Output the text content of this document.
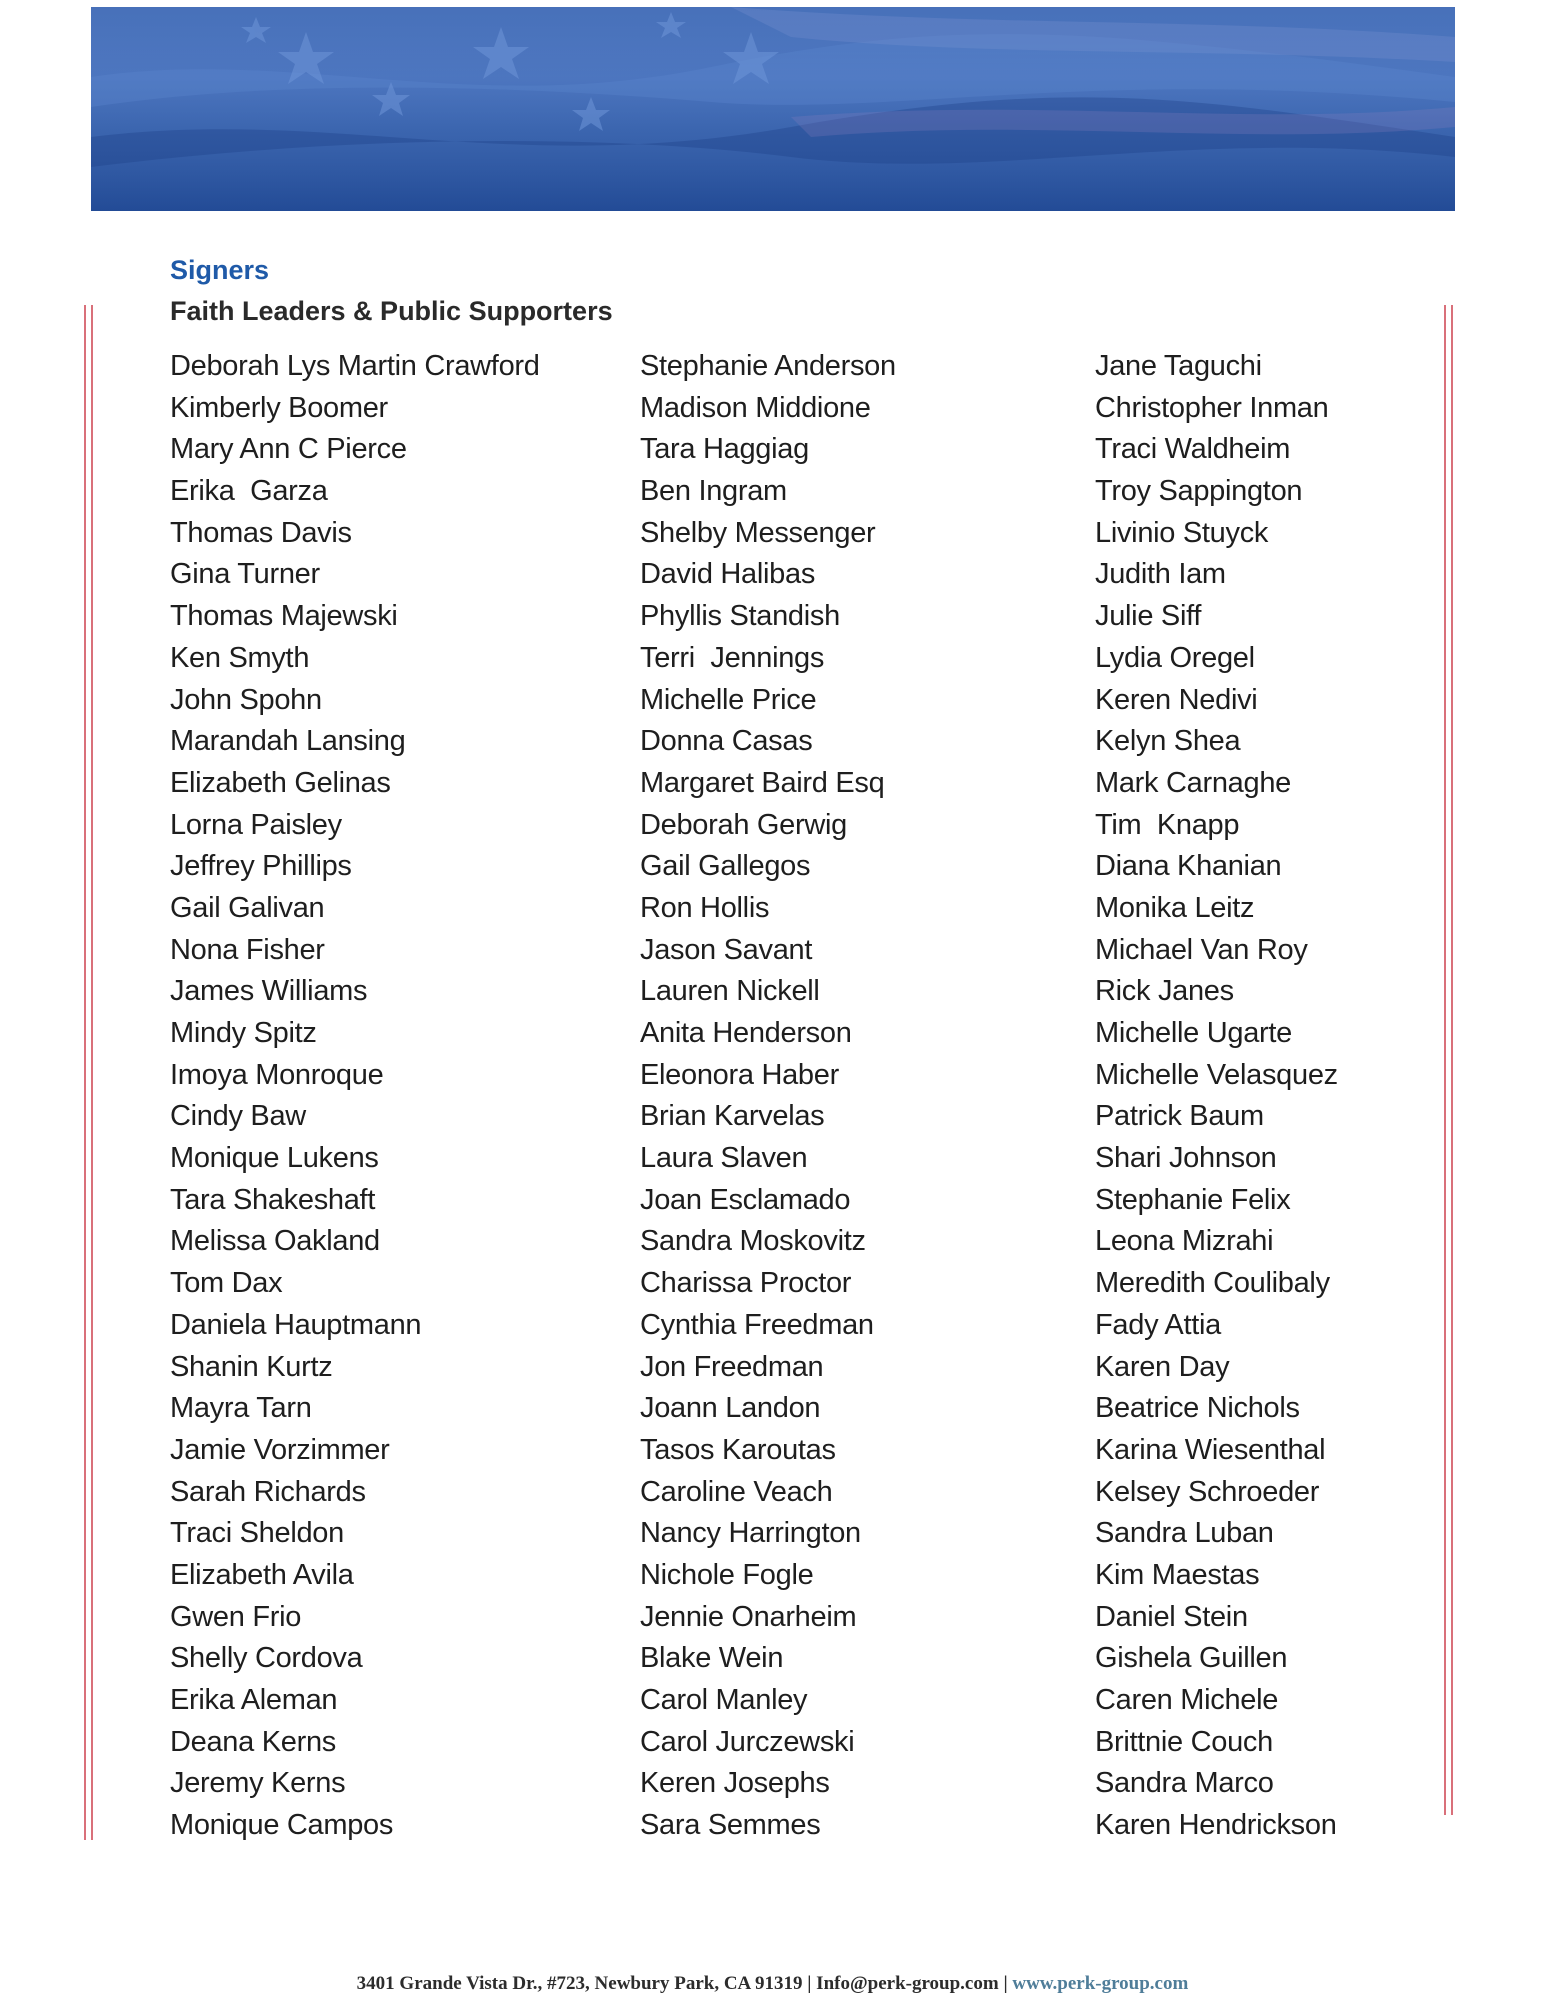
Signers
Faith Leaders & Public Supporters
Deborah Lys Martin Crawford
Kimberly Boomer
Mary Ann C Pierce
Erika  Garza
Thomas Davis
Gina Turner
Thomas Majewski
Ken Smyth
John Spohn
Marandah Lansing
Elizabeth Gelinas
Lorna Paisley
Jeffrey Phillips
Gail Galivan
Nona Fisher
James Williams
Mindy Spitz
Imoya Monroque
Cindy Baw
Monique Lukens
Tara Shakeshaft
Melissa Oakland
Tom Dax
Daniela Hauptmann
Shanin Kurtz
Mayra Tarn
Jamie Vorzimmer
Sarah Richards
Traci Sheldon
Elizabeth Avila
Gwen Frio
Shelly Cordova
Erika Aleman
Deana Kerns
Jeremy Kerns
Monique Campos
Stephanie Anderson
Madison Middione
Tara Haggiag
Ben Ingram
Shelby Messenger
David Halibas
Phyllis Standish
Terri  Jennings
Michelle Price
Donna Casas
Margaret Baird Esq
Deborah Gerwig
Gail Gallegos
Ron Hollis
Jason Savant
Lauren Nickell
Anita Henderson
Eleonora Haber
Brian Karvelas
Laura Slaven
Joan Esclamado
Sandra Moskovitz
Charissa Proctor
Cynthia Freedman
Jon Freedman
Joann Landon
Tasos Karoutas
Caroline Veach
Nancy Harrington
Nichole Fogle
Jennie Onarheim
Blake Wein
Carol Manley
Carol Jurczewski
Keren Josephs
Sara Semmes
Jane Taguchi
Christopher Inman
Traci Waldheim
Troy Sappington
Livinio Stuyck
Judith Iam
Julie Siff
Lydia Oregel
Keren Nedivi
Kelyn Shea
Mark Carnaghe
Tim  Knapp
Diana Khanian
Monika Leitz
Michael Van Roy
Rick Janes
Michelle Ugarte
Michelle Velasquez
Patrick Baum
Shari Johnson
Stephanie Felix
Leona Mizrahi
Meredith Coulibaly
Fady Attia
Karen Day
Beatrice Nichols
Karina Wiesenthal
Kelsey Schroeder
Sandra Luban
Kim Maestas
Daniel Stein
Gishela Guillen
Caren Michele
Brittnie Couch
Sandra Marco
Karen Hendrickson
3401 Grande Vista Dr., #723, Newbury Park, CA 91319 | Info@perk-group.com | www.perk-group.com
